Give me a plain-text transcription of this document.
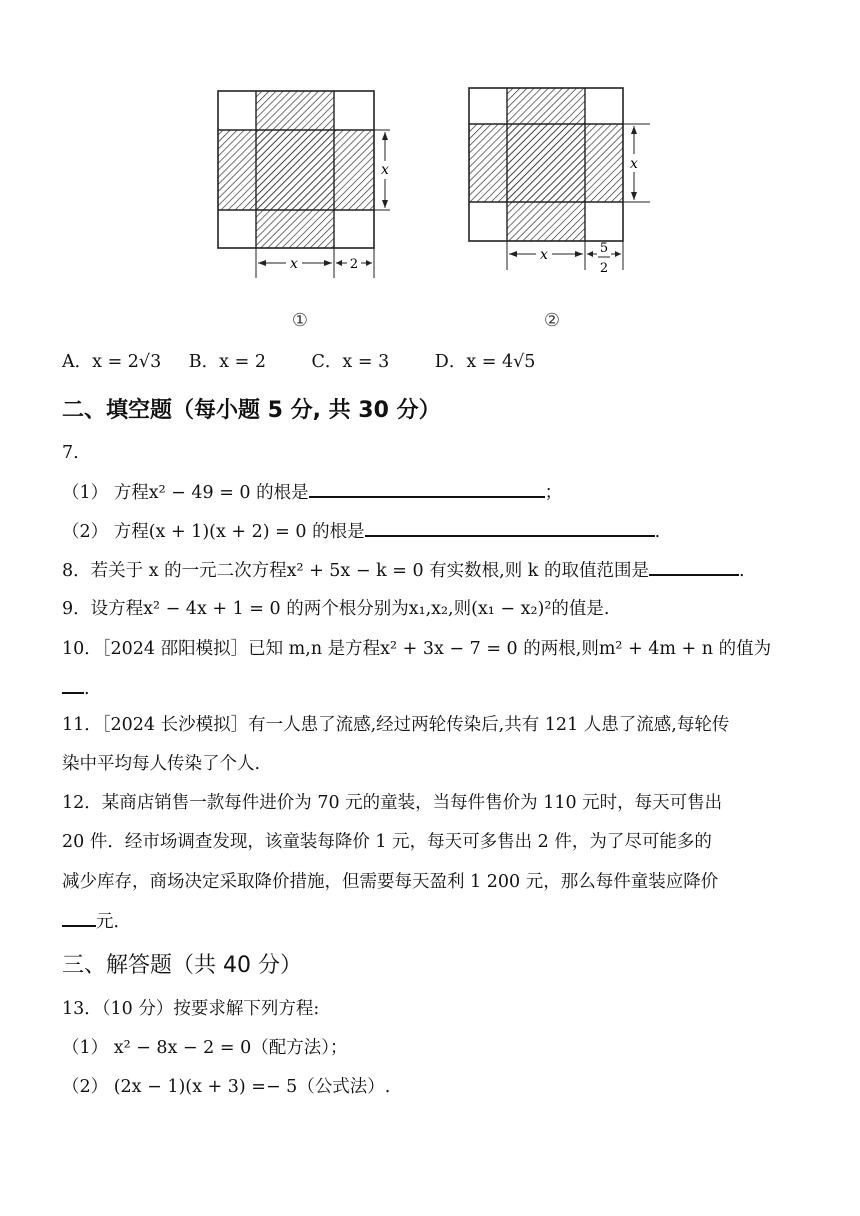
x	2
x
①
x
x
5
2
②
A．x = 2√3 B．x = 2	C．x = 3	D．x = 4√5
二、填空题（每小题 5 分, 共 30 分）
7.
（1） 方程x² − 49 = 0 的根是	；
（2） 方程(x + 1)(x + 2) = 0 的根是	.
8．若关于 x 的一元二次方程x² + 5x − k = 0 有实数根,则 k 的取值范围是	.
9．设方程x² − 4x + 1 = 0 的两个根分别为x₁,x₂,则(x₁ − x₂)²的值是.
10．［2024 邵阳模拟］已知 m,n 是方程x² + 3x − 7 = 0 的两根,则m² + 4m + n 的值为
.
11．［2024 长沙模拟］有一人患了流感,经过两轮传染后,共有 121 人患了流感,每轮传
染中平均每人传染了个人.
12．某商店销售一款每件进价为 70 元的童装，当每件售价为 110 元时，每天可售出
20 件．经市场调查发现，该童装每降价 1 元，每天可多售出 2 件，为了尽可能多的
减少库存，商场决定采取降价措施，但需要每天盈利 1 200 元，那么每件童装应降价
元．
三、解答题（共 40 分）
13．（10 分）按要求解下列方程:
（1） x² − 8x − 2 = 0（配方法）；
（2） (2x − 1)(x + 3) =− 5（公式法）.
